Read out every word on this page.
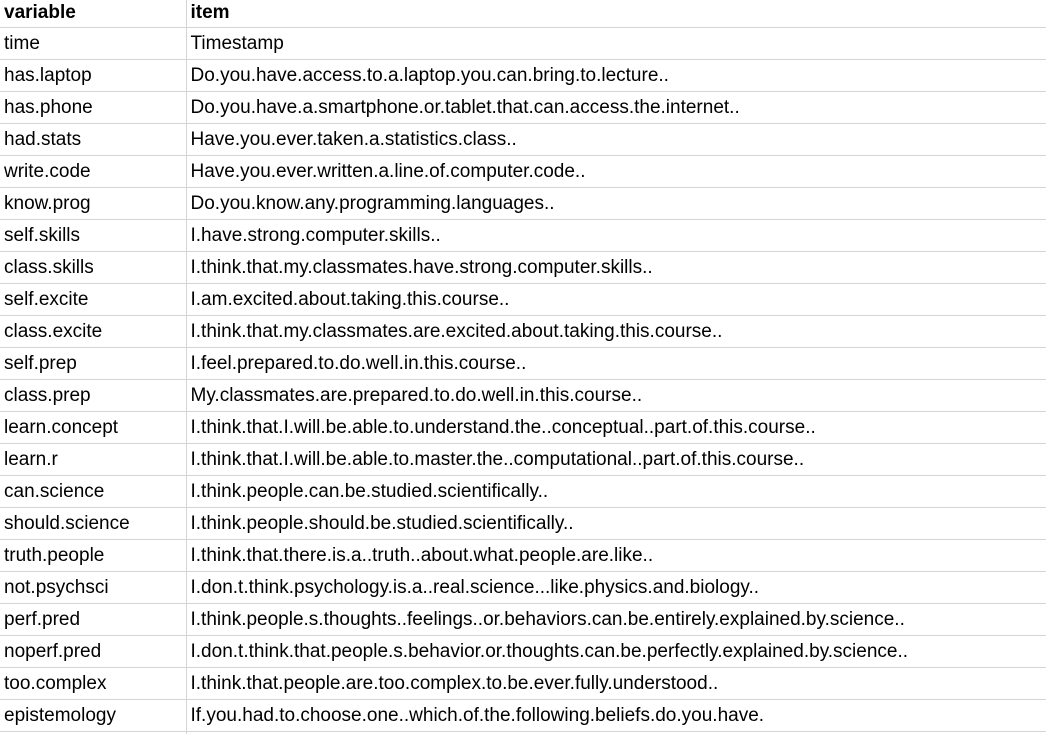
variable	item
time	Timestamp
has.laptop	Do.you.have.access.to.a.laptop.you.can.bring.to.lecture..
has.phone	Do.you.have.a.smartphone.or.tablet.that.can.access.the.internet..
had.stats	Have.you.ever.taken.a.statistics.class..
write.code	Have.you.ever.written.a.line.of.computer.code..
know.prog	Do.you.know.any.programming.languages..
self.skills	I.have.strong.computer.skills..
class.skills	I.think.that.my.classmates.have.strong.computer.skills..
self.excite	I.am.excited.about.taking.this.course..
class.excite	I.think.that.my.classmates.are.excited.about.taking.this.course..
self.prep	I.feel.prepared.to.do.well.in.this.course..
class.prep	My.classmates.are.prepared.to.do.well.in.this.course..
learn.concept	I.think.that.I.will.be.able.to.understand.the..conceptual..part.of.this.course..
learn.r	I.think.that.I.will.be.able.to.master.the..computational..part.of.this.course..
can.science	I.think.people.can.be.studied.scientifically..
should.science	I.think.people.should.be.studied.scientifically..
truth.people	I.think.that.there.is.a..truth..about.what.people.are.like..
not.psychsci	I.don.t.think.psychology.is.a..real.science...like.physics.and.biology..
perf.pred	I.think.people.s.thoughts..feelings..or.behaviors.can.be.entirely.explained.by.science..
noperf.pred	I.don.t.think.that.people.s.behavior.or.thoughts.can.be.perfectly.explained.by.science..
too.complex	I.think.that.people.are.too.complex.to.be.ever.fully.understood..
epistemology	If.you.had.to.choose.one..which.of.the.following.beliefs.do.you.have.
